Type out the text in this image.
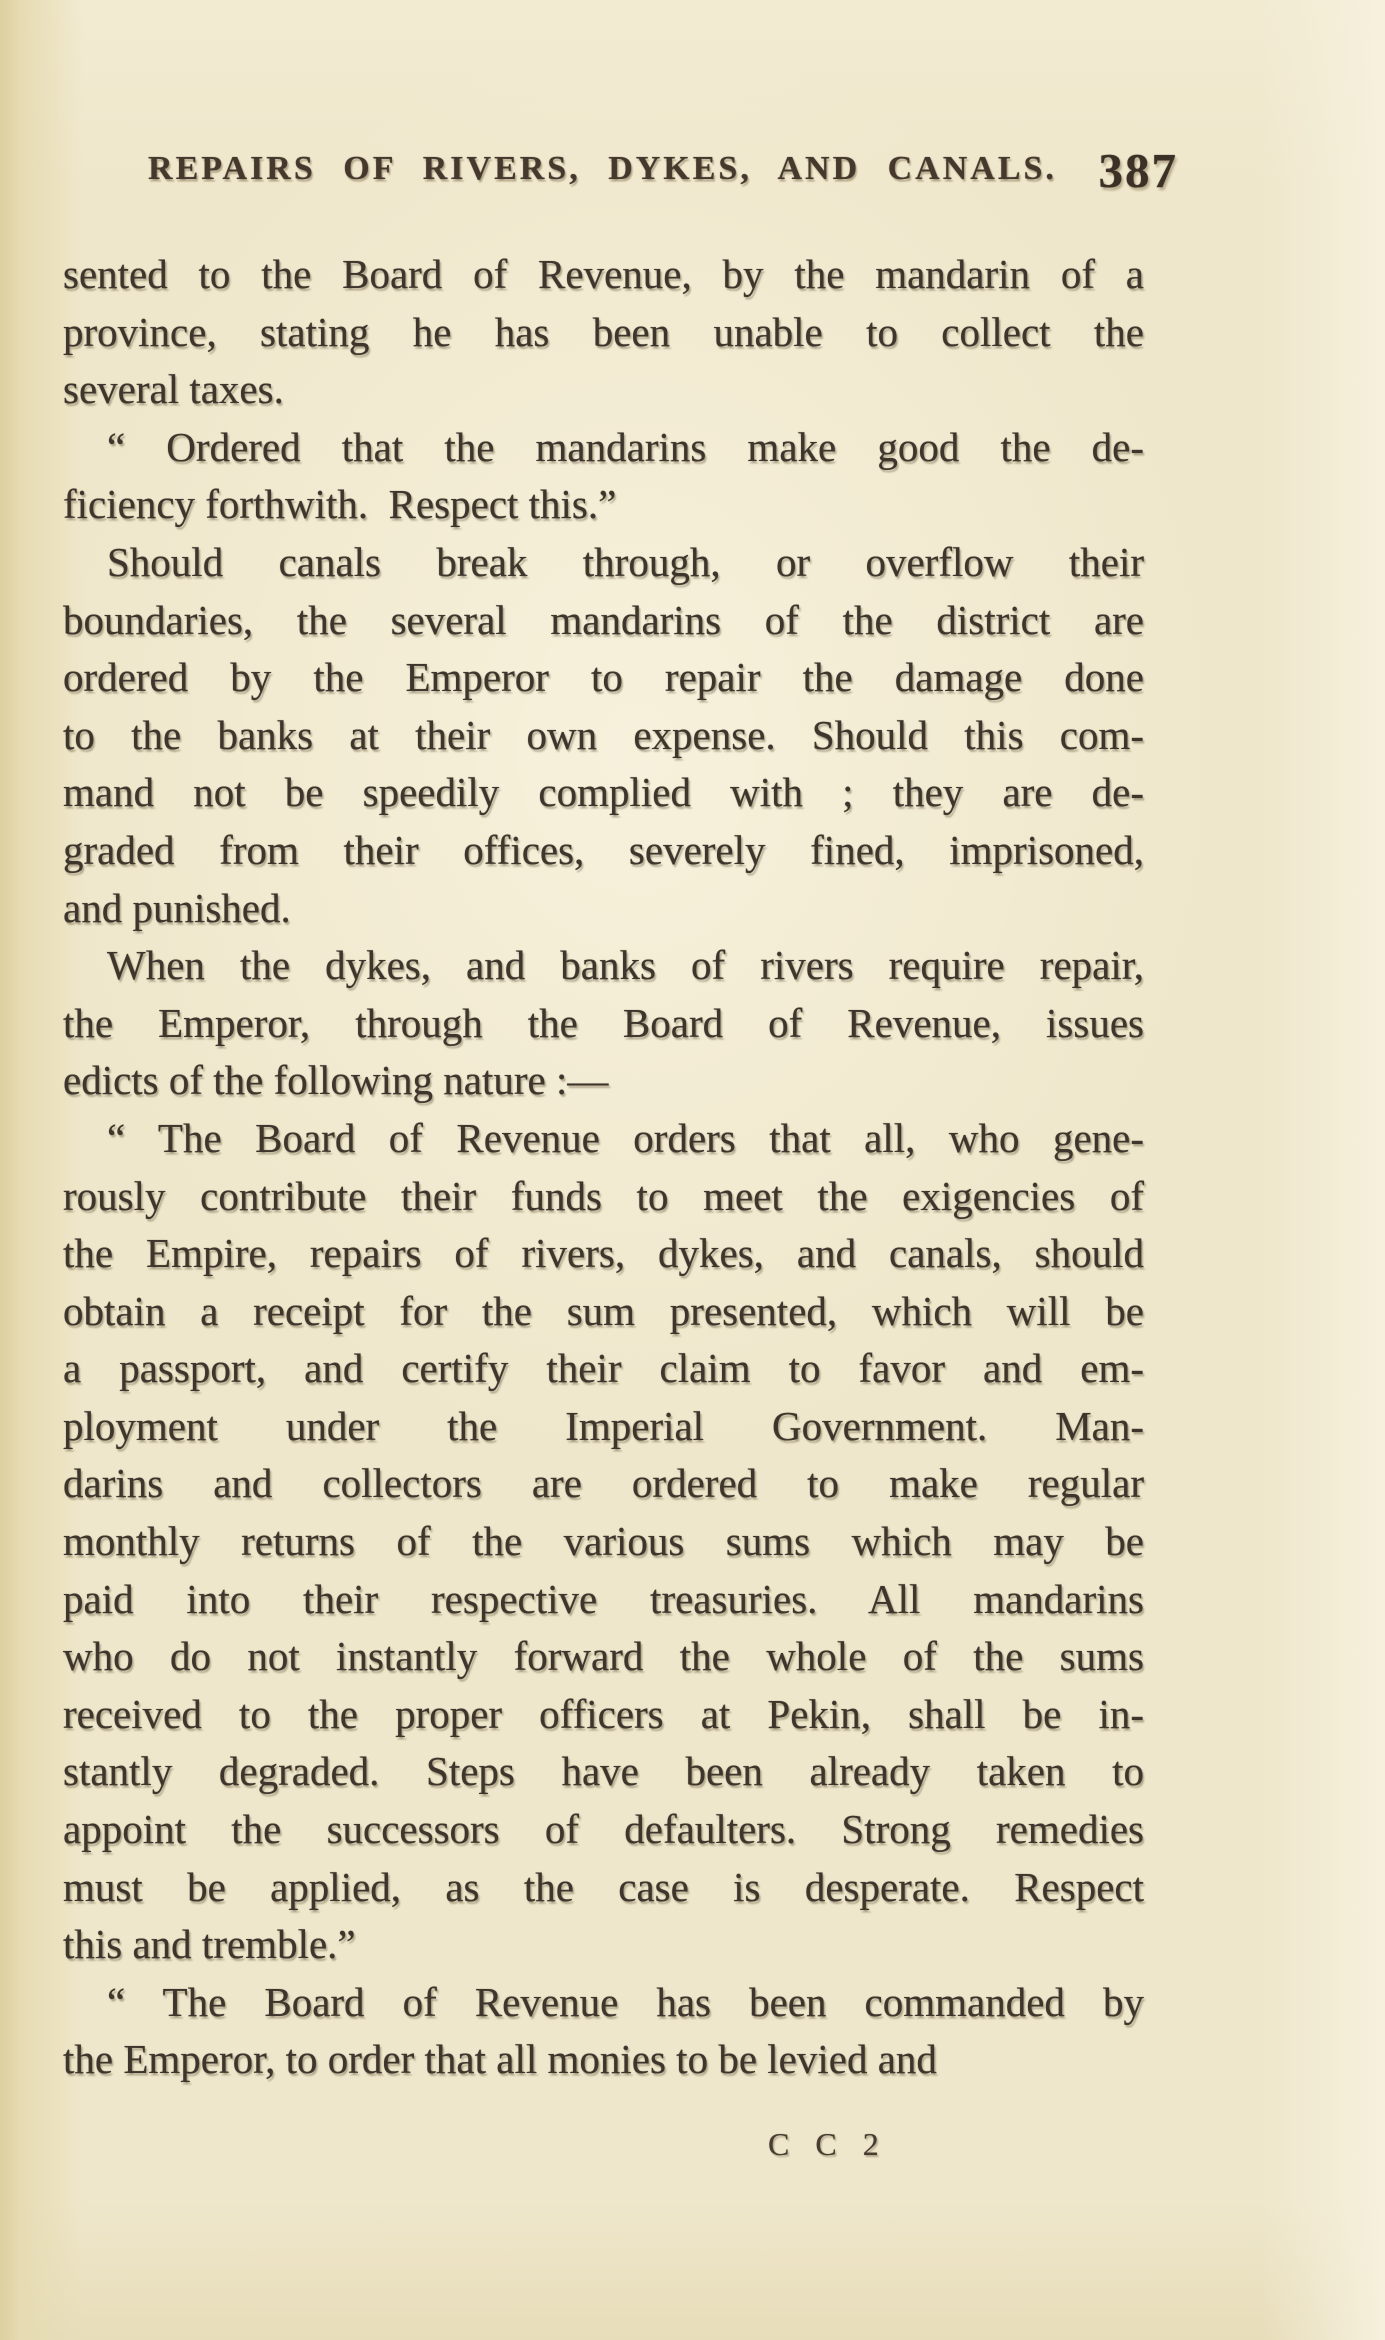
REPAIRS OF RIVERS, DYKES, AND CANALS. 387
sented to the Board of Revenue, by the mandarin of a
province, stating he has been unable to collect the
several taxes.
“ Ordered that the mandarins make good the de-
ficiency forthwith. Respect this.”
Should canals break through, or overflow their
boundaries, the several mandarins of the district are
ordered by the Emperor to repair the damage done
to the banks at their own expense. Should this com-
mand not be speedily complied with ; they are de-
graded from their offices, severely fined, imprisoned,
and punished.
When the dykes, and banks of rivers require repair,
the Emperor, through the Board of Revenue, issues
edicts of the following nature :—
“ The Board of Revenue orders that all, who gene-
rously contribute their funds to meet the exigencies of
the Empire, repairs of rivers, dykes, and canals, should
obtain a receipt for the sum presented, which will be
a passport, and certify their claim to favor and em-
ployment under the Imperial Government. Man-
darins and collectors are ordered to make regular
monthly returns of the various sums which may be
paid into their respective treasuries. All mandarins
who do not instantly forward the whole of the sums
received to the proper officers at Pekin, shall be in-
stantly degraded. Steps have been already taken to
appoint the successors of defaulters. Strong remedies
must be applied, as the case is desperate. Respect
this and tremble.”
“ The Board of Revenue has been commanded by
the Emperor, to order that all monies to be levied and
C C 2
